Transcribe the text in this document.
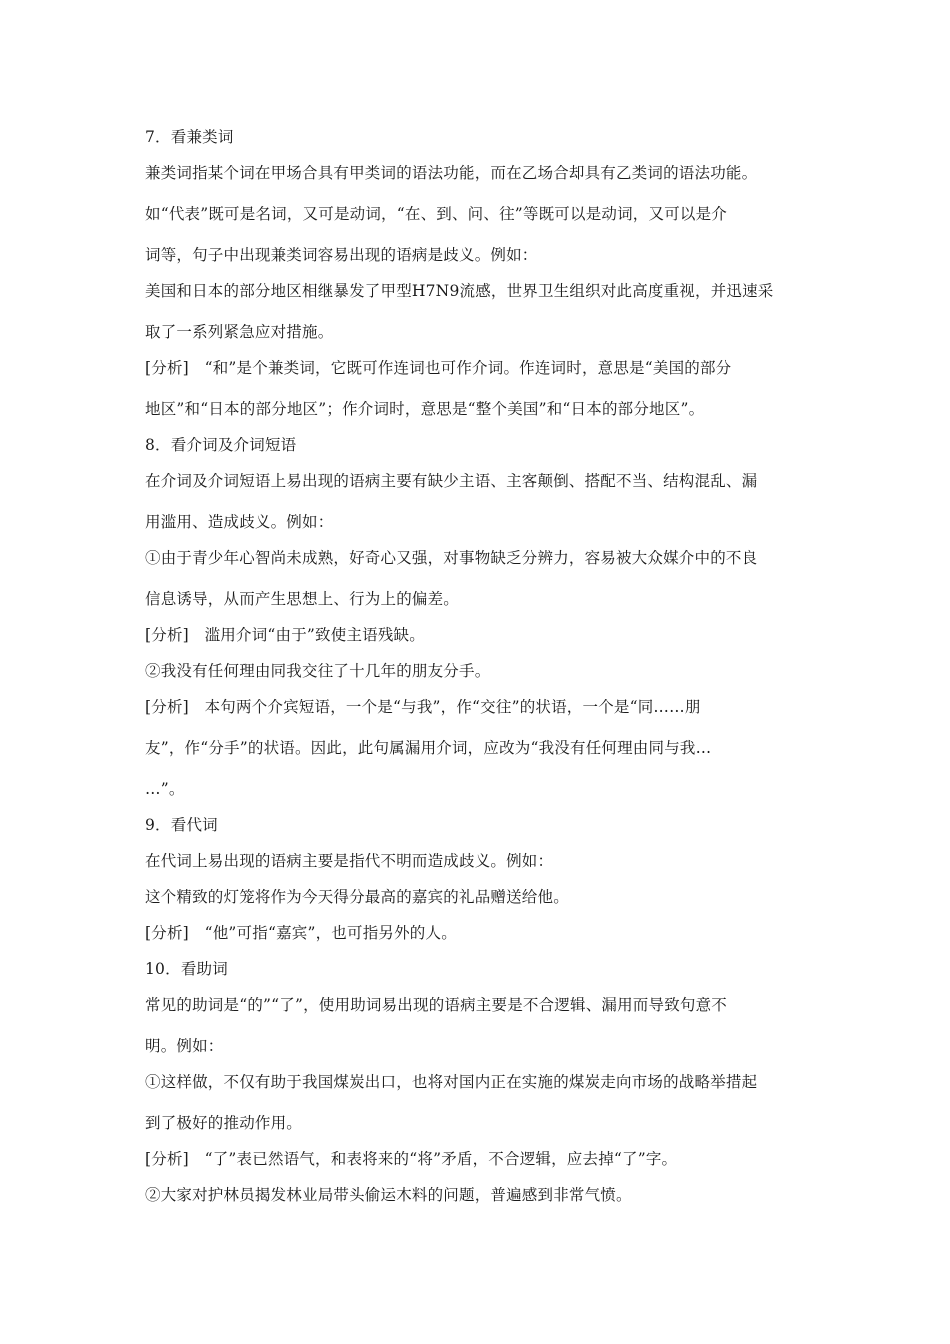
7．看兼类词
兼类词指某个词在甲场合具有甲类词的语法功能，而在乙场合却具有乙类词的语法功能。
如“代表”既可是名词，又可是动词，“在、到、问、往”等既可以是动词，又可以是介
词等，句子中出现兼类词容易出现的语病是歧义。例如：
美国和日本的部分地区相继暴发了甲型H7N9流感，世界卫生组织对此高度重视，并迅速采
取了一系列紧急应对措施。
[分析]　“和”是个兼类词，它既可作连词也可作介词。作连词时，意思是“美国的部分
地区”和“日本的部分地区”；作介词时，意思是“整个美国”和“日本的部分地区”。
8．看介词及介词短语
在介词及介词短语上易出现的语病主要有缺少主语、主客颠倒、搭配不当、结构混乱、漏
用滥用、造成歧义。例如：
①由于青少年心智尚未成熟，好奇心又强，对事物缺乏分辨力，容易被大众媒介中的不良
信息诱导，从而产生思想上、行为上的偏差。
[分析]　滥用介词“由于”致使主语残缺。
②我没有任何理由同我交往了十几年的朋友分手。
[分析]　本句两个介宾短语，一个是“与我”，作“交往”的状语，一个是“同……朋
友”，作“分手”的状语。因此，此句属漏用介词，应改为“我没有任何理由同与我…
…”。
9．看代词
在代词上易出现的语病主要是指代不明而造成歧义。例如：
这个精致的灯笼将作为今天得分最高的嘉宾的礼品赠送给他。
[分析]　“他”可指“嘉宾”，也可指另外的人。
10．看助词
常见的助词是“的”“了”，使用助词易出现的语病主要是不合逻辑、漏用而导致句意不
明。例如：
①这样做，不仅有助于我国煤炭出口，也将对国内正在实施的煤炭走向市场的战略举措起
到了极好的推动作用。
[分析]　“了”表已然语气，和表将来的“将”矛盾，不合逻辑，应去掉“了”字。
②大家对护林员揭发林业局带头偷运木料的问题，普遍感到非常气愤。
